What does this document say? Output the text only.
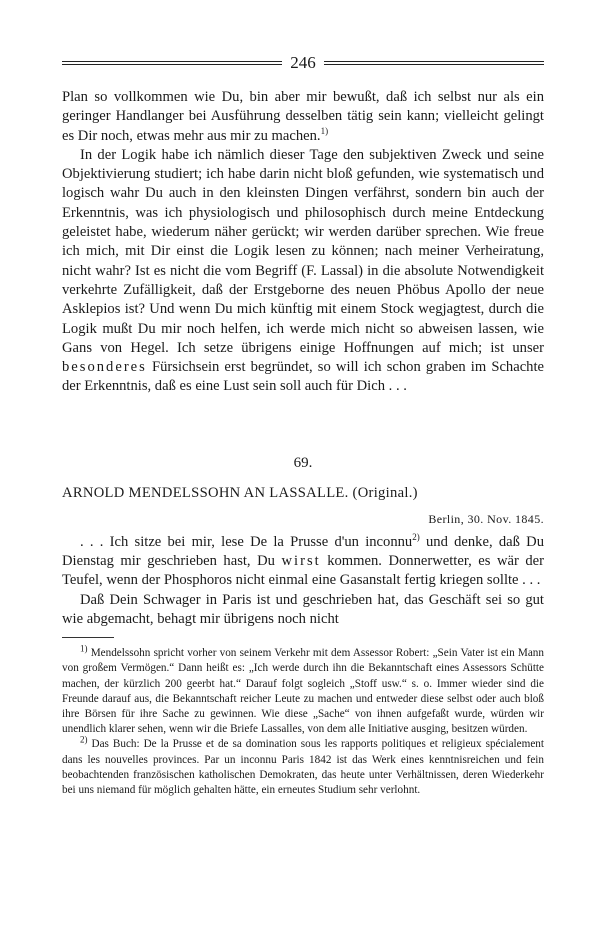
246

Plan so vollkommen wie Du, bin aber mir bewußt, daß ich selbst nur als ein geringer Handlanger bei Ausführung desselben tätig sein kann; vielleicht gelingt es Dir noch, etwas mehr aus mir zu machen.$^{1)}$

In der Logik habe ich nämlich dieser Tage den subjektiven Zweck und seine Objektivierung studiert; ich habe darin nicht bloß gefunden, wie systematisch und logisch wahr Du auch in den kleinsten Dingen verfährst, sondern bin auch der Erkenntnis, was ich physiologisch und philosophisch durch meine Entdeckung geleistet habe, wiederum näher gerückt; wir werden darüber sprechen. Wie freue ich mich, mit Dir einst die Logik lesen zu können; nach meiner Verheiratung, nicht wahr? Ist es nicht die vom Begriff (F. Lassal) in die absolute Notwendigkeit verkehrte Zufälligkeit, daß der Erstgeborne des neuen Phöbus Apollo der neue Asklepios ist? Und wenn Du mich künftig mit einem Stock wegjagtest, durch die Logik mußt Du mir noch helfen, ich werde mich nicht so abweisen lassen, wie Gans von Hegel. Ich setze übrigens einige Hoffnungen auf mich; ist unser besonderes Fürsichsein erst begründet, so will ich schon graben im Schachte der Erkenntnis, daß es eine Lust sein soll auch für Dich . . .

69.
ARNOLD MENDELSSOHN AN LASSALLE. (Original.)
Berlin, 30. Nov. 1845.

. . . Ich sitze bei mir, lese De la Prusse d'un inconnu$^{2)}$ und denke, daß Du Dienstag mir geschrieben hast, Du wirst kommen. Donnerwetter, es wär der Teufel, wenn der Phosphoros nicht einmal eine Gasanstalt fertig kriegen sollte . . .

Daß Dein Schwager in Paris ist und geschrieben hat, das Geschäft sei so gut wie abgemacht, behagt mir übrigens noch nicht

$^{1)}$ Mendelssohn spricht vorher von seinem Verkehr mit dem Assessor Robert: „Sein Vater ist ein Mann von großem Vermögen.“ Dann heißt es: „Ich werde durch ihn die Bekanntschaft eines Assessors Schütte machen, der kürzlich 200 geerbt hat.“ Darauf folgt sogleich „Stoff usw.“ s. o. Immer wieder sind die Freunde darauf aus, die Bekanntschaft reicher Leute zu machen und entweder diese selbst oder auch bloß ihre Börsen für ihre Sache zu gewinnen. Wie diese „Sache“ von ihnen aufgefaßt wurde, würden wir unendlich klarer sehen, wenn wir die Briefe Lassalles, von dem alle Initiative ausging, besitzen würden.

$^{2)}$ Das Buch: De la Prusse et de sa domination sous les rapports politiques et religieux spécialement dans les nouvelles provinces. Par un inconnu Paris 1842 ist das Werk eines kenntnisreichen und fein beobachtenden französischen katholischen Demokraten, das heute unter Verhältnissen, deren Wiederkehr bei uns niemand für möglich gehalten hätte, ein erneutes Studium sehr verlohnt.
